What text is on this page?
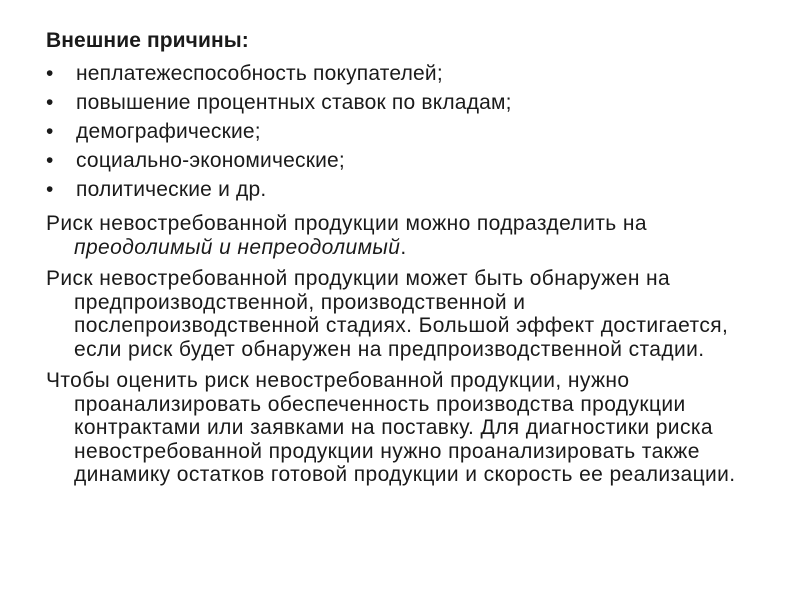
Внешние причины:
•	неплатежеспособность покупателей;
•	повышение процентных ставок по вкладам;
•	демографические;
•	социально-экономические;
•	политические и др.

Риск невостребованной продукции можно подразделить на преодолимый и непреодолимый.

Риск невостребованной продукции может быть обнаружен на предпроизводственной, производственной и послепроизводственной стадиях. Большой эффект достигается, если риск будет обнаружен на предпроизводственной стадии.

Чтобы оценить риск невостребованной продукции, нужно проанализировать обеспеченность производства продукции контрактами или заявками на поставку. Для диагностики риска невостребованной продукции нужно проанализировать также динамику остатков готовой продукции и скорость ее реализации.
